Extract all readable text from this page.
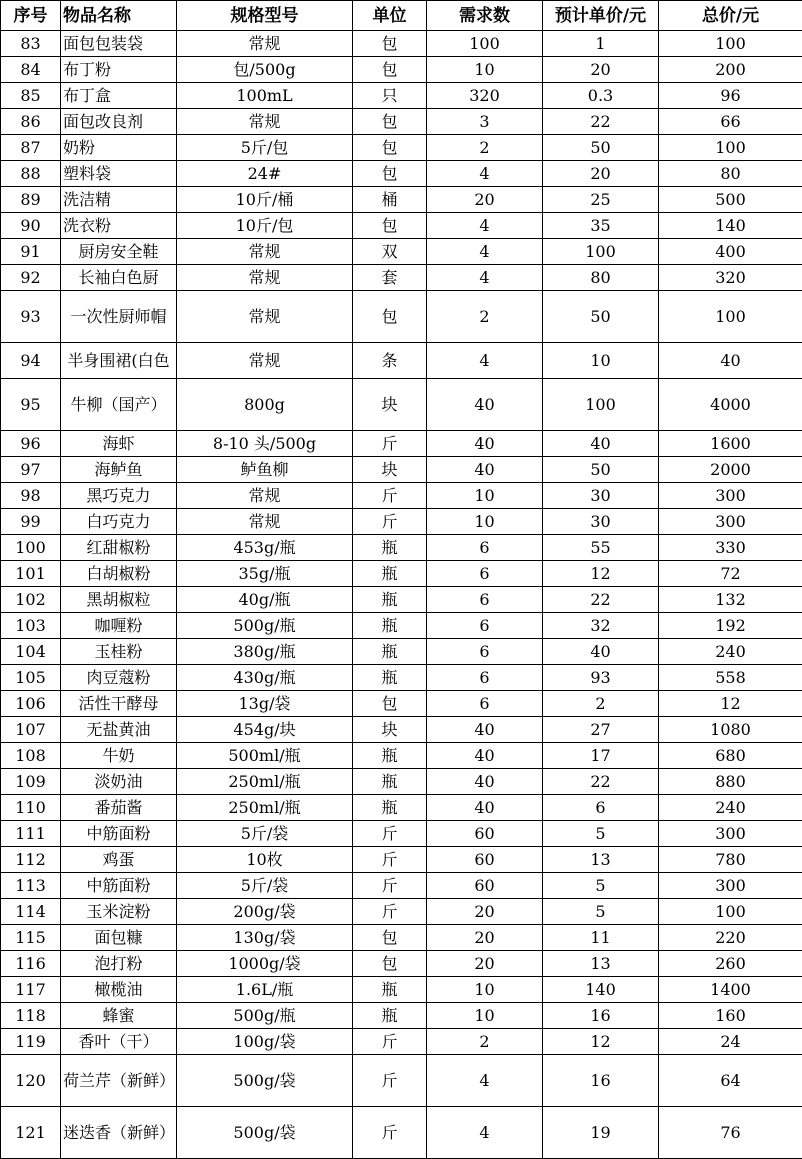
序号	物品名称	规格型号	单位	需求数	预计单价/元	总价/元
83	面包包装袋	常规	包	100	1	100
84	布丁粉	包/500g	包	10	20	200
85	布丁盒	100mL	只	320	0.3	96
86	面包改良剂	常规	包	3	22	66
87	奶粉	5斤/包	包	2	50	100
88	塑料袋	24#	包	4	20	80
89	洗洁精	10斤/桶	桶	20	25	500
90	洗衣粉	10斤/包	包	4	35	140
91	厨房安全鞋	常规	双	4	100	400
92	长袖白色厨	常规	套	4	80	320
93	一次性厨师帽	常规	包	2	50	100
94	半身围裙(白色	常规	条	4	10	40
95	牛柳（国产）	800g	块	40	100	4000
96	海虾	8-10 头/500g	斤	40	40	1600
97	海鲈鱼	鲈鱼柳	块	40	50	2000
98	黑巧克力	常规	斤	10	30	300
99	白巧克力	常规	斤	10	30	300
100	红甜椒粉	453g/瓶	瓶	6	55	330
101	白胡椒粉	35g/瓶	瓶	6	12	72
102	黑胡椒粒	40g/瓶	瓶	6	22	132
103	咖喱粉	500g/瓶	瓶	6	32	192
104	玉桂粉	380g/瓶	瓶	6	40	240
105	肉豆蔻粉	430g/瓶	瓶	6	93	558
106	活性干酵母	13g/袋	包	6	2	12
107	无盐黄油	454g/块	块	40	27	1080
108	牛奶	500ml/瓶	瓶	40	17	680
109	淡奶油	250ml/瓶	瓶	40	22	880
110	番茄酱	250ml/瓶	瓶	40	6	240
111	中筋面粉	5斤/袋	斤	60	5	300
112	鸡蛋	10枚	斤	60	13	780
113	中筋面粉	5斤/袋	斤	60	5	300
114	玉米淀粉	200g/袋	斤	20	5	100
115	面包糠	130g/袋	包	20	11	220
116	泡打粉	1000g/袋	包	20	13	260
117	橄榄油	1.6L/瓶	瓶	10	140	1400
118	蜂蜜	500g/瓶	瓶	10	16	160
119	香叶（干）	100g/袋	斤	2	12	24
120	荷兰芹（新鲜）	500g/袋	斤	4	16	64
121	迷迭香（新鲜）	500g/袋	斤	4	19	76
